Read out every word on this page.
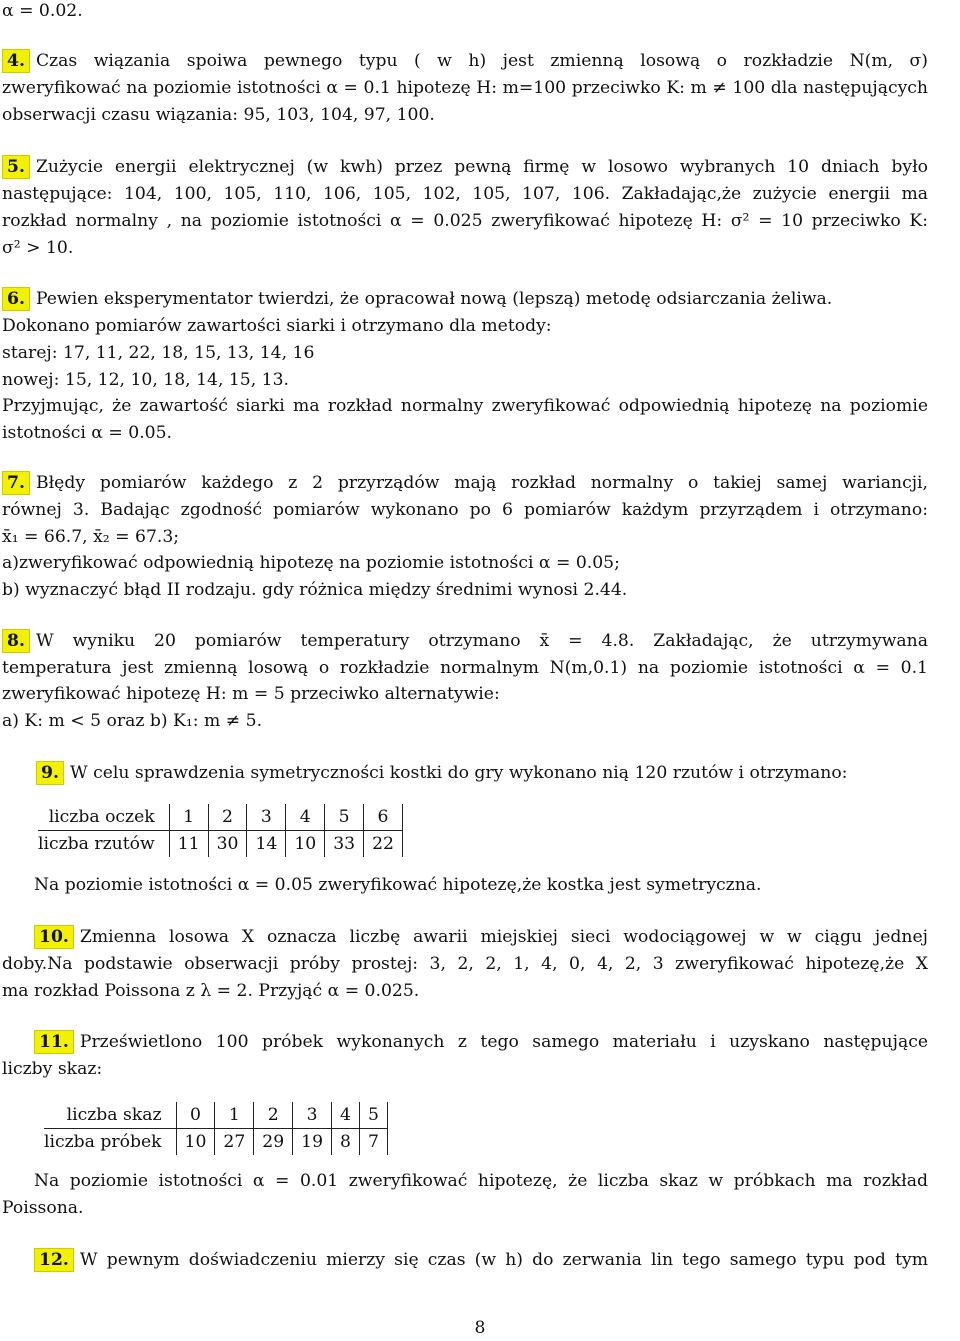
α = 0.02.
4. Czas wiązania spoiwa pewnego typu ( w h) jest zmienną losową o rozkładzie N(m, σ)
zweryfikować na poziomie istotności α = 0.1 hipotezę H: m=100 przeciwko K: m ≠ 100 dla następujących
obserwacji czasu wiązania: 95, 103, 104, 97, 100.
5. Zużycie energii elektrycznej (w kwh) przez pewną firmę w losowo wybranych 10 dniach było
następujące: 104, 100, 105, 110, 106, 105, 102, 105, 107, 106. Zakładając,że zużycie energii ma
rozkład normalny , na poziomie istotności α = 0.025 zweryfikować hipotezę H: σ² = 10 przeciwko K:
σ² > 10.
6. Pewien eksperymentator twierdzi, że opracował nową (lepszą) metodę odsiarczania żeliwa.
Dokonano pomiarów zawartości siarki i otrzymano dla metody:
starej: 17, 11, 22, 18, 15, 13, 14, 16
nowej: 15, 12, 10, 18, 14, 15, 13.
Przyjmując, że zawartość siarki ma rozkład normalny zweryfikować odpowiednią hipotezę na poziomie
istotności α = 0.05.
7. Błędy pomiarów każdego z 2 przyrządów mają rozkład normalny o takiej samej wariancji,
równej 3. Badając zgodność pomiarów wykonano po 6 pomiarów każdym przyrządem i otrzymano:
x̄₁ = 66.7, x̄₂ = 67.3;
a)zweryfikować odpowiednią hipotezę na poziomie istotności α = 0.05;
b) wyznaczyć błąd II rodzaju. gdy różnica między średnimi wynosi 2.44.
8. W wyniku 20 pomiarów temperatury otrzymano x̄ = 4.8. Zakładając, że utrzymywana
temperatura jest zmienną losową o rozkładzie normalnym N(m,0.1) na poziomie istotności α = 0.1
zweryfikować hipotezę H: m = 5 przeciwko alternatywie:
a) K: m < 5 oraz b) K₁: m ≠ 5.
9. W celu sprawdzenia symetryczności kostki do gry wykonano nią 120 rzutów i otrzymano:
liczba oczek	1	2	3	4	5	6
liczba rzutów	11	30	14	10	33	22
Na poziomie istotności α = 0.05 zweryfikować hipotezę,że kostka jest symetryczna.
10. Zmienna losowa X oznacza liczbę awarii miejskiej sieci wodociągowej w w ciągu jednej
doby.Na podstawie obserwacji próby prostej: 3, 2, 2, 1, 4, 0, 4, 2, 3 zweryfikować hipotezę,że X
ma rozkład Poissona z λ = 2. Przyjąć α = 0.025.
11. Prześwietlono 100 próbek wykonanych z tego samego materiału i uzyskano następujące
liczby skaz:
liczba skaz	0	1	2	3	4	5
liczba próbek	10	27	29	19	8	7
Na poziomie istotności α = 0.01 zweryfikować hipotezę, że liczba skaz w próbkach ma rozkład
Poissona.
12. W pewnym doświadczeniu mierzy się czas (w h) do zerwania lin tego samego typu pod tym
8
